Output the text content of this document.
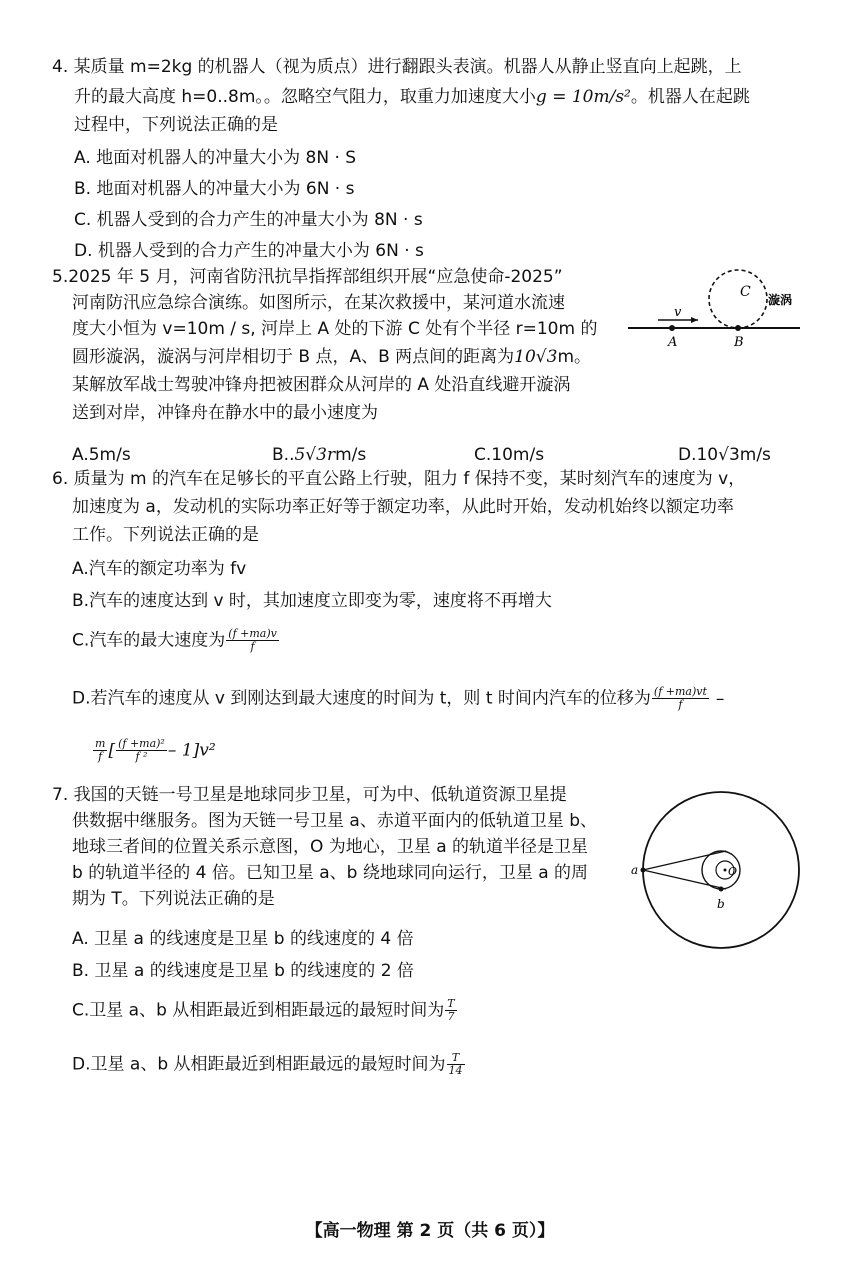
4. 某质量 m=2kg 的机器人（视为质点）进行翻跟头表演。机器人从静止竖直向上起跳，上
升的最大高度 h=0..8m。。忽略空气阻力，取重力加速度大小g = 10m/s²。机器人在起跳
过程中，下列说法正确的是
A. 地面对机器人的冲量大小为 8N · S
B. 地面对机器人的冲量大小为 6N · s
C. 机器人受到的合力产生的冲量大小为 8N · s
D. 机器人受到的合力产生的冲量大小为 6N · s
5.2025 年 5 月，河南省防汛抗旱指挥部组织开展“应急使命-2025”
河南防汛应急综合演练。如图所示，在某次救援中，某河道水流速
度大小恒为 v=10m / s, 河岸上 A 处的下游 C 处有个半径 r=10m 的
圆形漩涡，漩涡与河岸相切于 B 点，A、B 两点间的距离为10√3m。
某解放军战士驾驶冲锋舟把被困群众从河岸的 A 处沿直线避开漩涡
送到对岸，冲锋舟在静水中的最小速度为
v
C 漩涡
A	B
A.5m/s	B..5√3rm/s	C.10m/s	D.10√3m/s
6. 质量为 m 的汽车在足够长的平直公路上行驶，阻力 f 保持不变，某时刻汽车的速度为 v，
加速度为 a，发动机的实际功率正好等于额定功率，从此时开始，发动机始终以额定功率
工作。下列说法正确的是
A.汽车的额定功率为 fv
B.汽车的速度达到 v 时，其加速度立即变为零，速度将不再增大
C.汽车的最大速度为 $\frac{(f +ma)v}{f}$
D.若汽车的速度从 v 到刚达到最大速度的时间为 t，则 t 时间内汽车的位移为 $\frac{(f +ma)vt}{f}$ –
$\frac{m}{f}$ [ $\frac{\text{(f +ma)²}}{\text{f ²}} - 1]v^2$
7. 我国的天链一号卫星是地球同步卫星，可为中、低轨道资源卫星提
供数据中继服务。图为天链一号卫星 a、赤道平面内的低轨道卫星 b、
地球三者间的位置关系示意图，O 为地心，卫星 a 的轨道半径是卫星
b 的轨道半径的 4 倍。已知卫星 a、b 绕地球同向运行，卫星 a 的周
期为 T。下列说法正确的是
a
b
O
A. 卫星 a 的线速度是卫星 b 的线速度的 4 倍
B. 卫星 a 的线速度是卫星 b 的线速度的 2 倍
C.卫星 a、b 从相距最近到相距最远的最短时间为 $\frac{T}{7}$
D.卫星 a、b 从相距最近到相距最远的最短时间为 $\frac{T}{14}$
【高一物理 第 2 页（共 6 页）】
